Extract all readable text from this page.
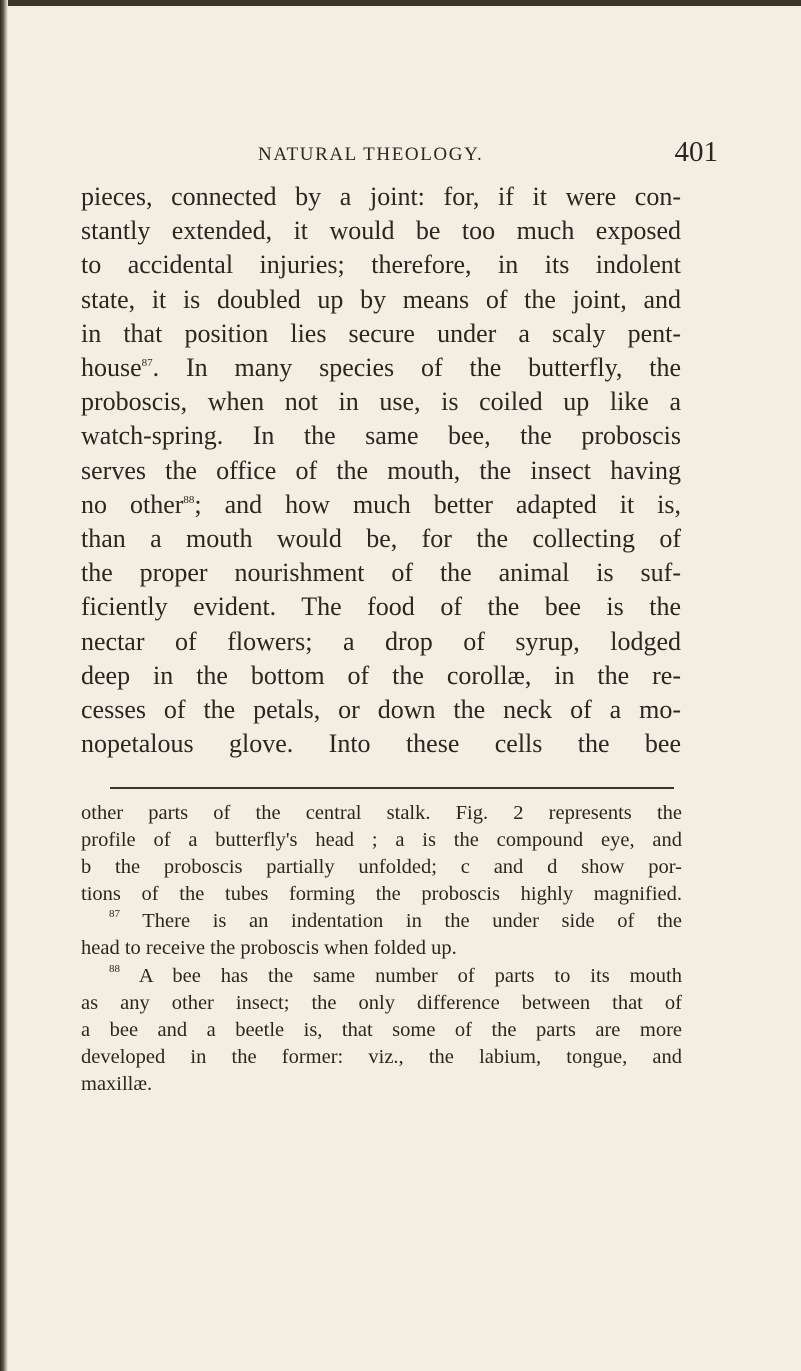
NATURAL THEOLOGY.	401

pieces, connected by a joint: for, if it were con-
stantly extended, it would be too much exposed
to accidental injuries; therefore, in its indolent
state, it is doubled up by means of the joint, and
in that position lies secure under a scaly pent-
house$^{87}$. In many species of the butterfly, the
proboscis, when not in use, is coiled up like a
watch-spring. In the same bee, the proboscis
serves the office of the mouth, the insect having
no other$^{88}$; and how much better adapted it is,
than a mouth would be, for the collecting of
the proper nourishment of the animal is suf-
ficiently evident. The food of the bee is the
nectar of flowers; a drop of syrup, lodged
deep in the bottom of the corollæ, in the re-
cesses of the petals, or down the neck of a mo-
nopetalous glove. Into these cells the bee

other parts of the central stalk. Fig. 2 represents the
profile of a butterfly's head ; a is the compound eye, and
b the proboscis partially unfolded; c and d show por-
tions of the tubes forming the proboscis highly magnified.
$^{87}$ There is an indentation in the under side of the
head to receive the proboscis when folded up.
$^{88}$ A bee has the same number of parts to its mouth
as any other insect; the only difference between that of
a bee and a beetle is, that some of the parts are more
developed in the former: viz., the labium, tongue, and
maxillæ.
